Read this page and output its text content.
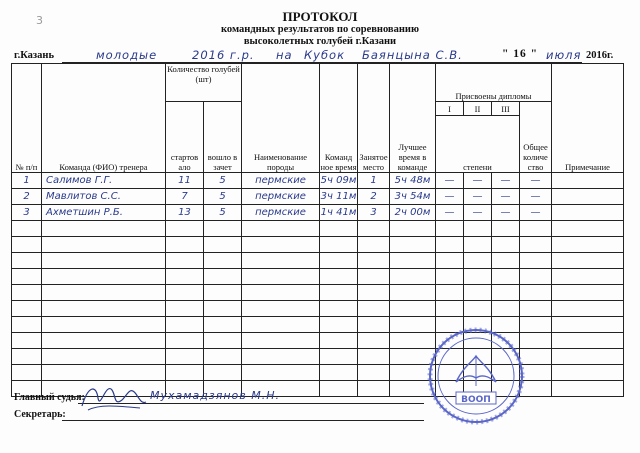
3	ПРОТОКОЛ
командных результатов по соревнованию
высоколетных голубей г.Казани
г.Казань	молодые	2016 г.р. на Кубок Баянцына С.В.	" 16 " июля 2016г.
№ п/п	Команда (ФИО) тренера	Количество голубей (шт)		Наименование породы	Команд ное время	Занятое место	Лучшее время в команде	Присвоены дипломы				Примечание
		стартов ало	вошло в зачет					I	II	III	Общее количе ство	
								степени				
1	Салимов Г.Г.	11	5	пермские	5ч 09м	1	5ч 48м	—	—	—	—	
2	Мавлитов С.С.	7	5	пермские	3ч 11м	2	3ч 54м	—	—	—	—	
3	Ахметшин Р.Б.	13	5	пермские	1ч 41м	3	2ч 00м	—	—	—	—	

Главный судья:	Мухамадзянов М.Н.
Секретарь:
ВООП
